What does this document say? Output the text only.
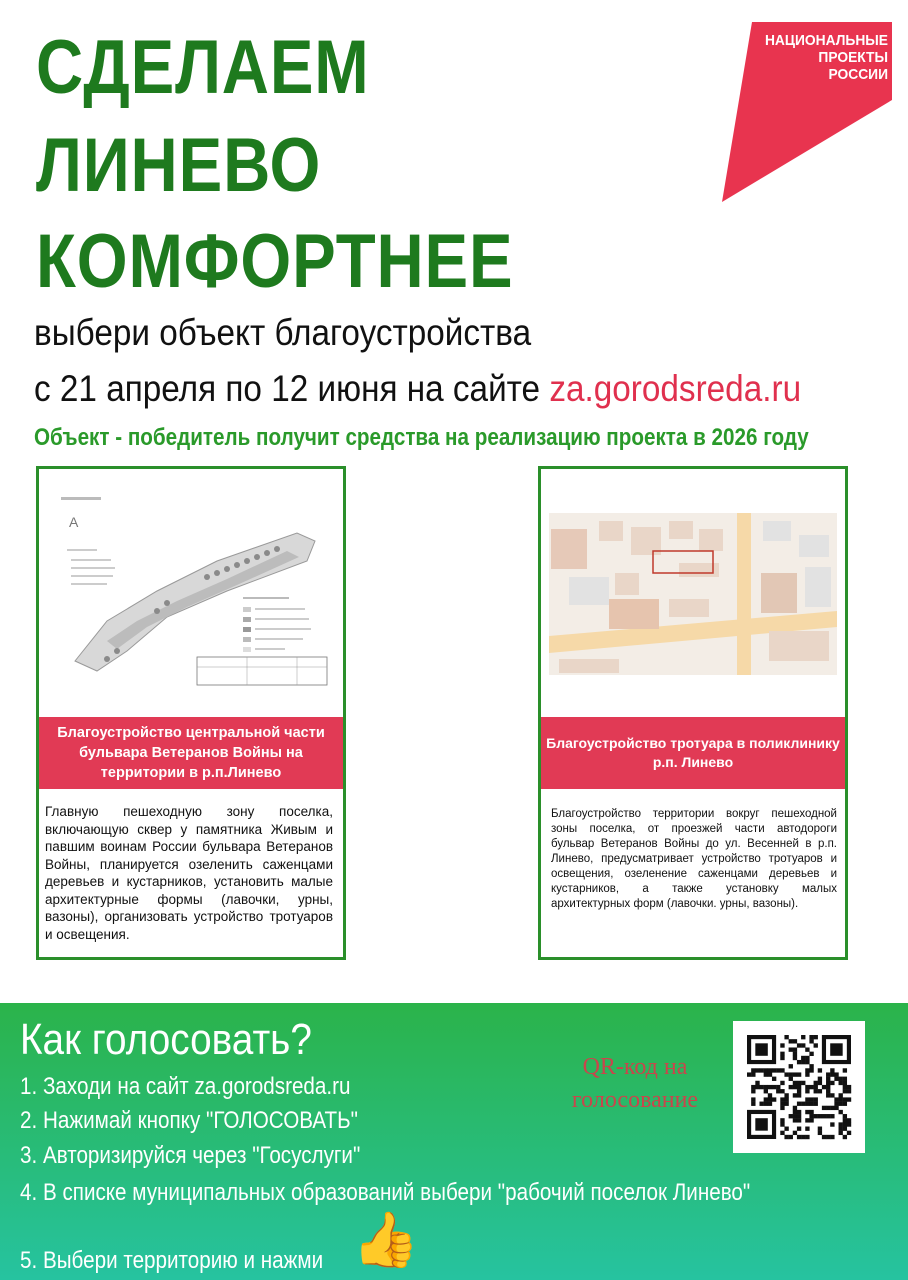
СДЕЛАЕМ
ЛИНЕВО
КОМФОРТНЕЕ
НАЦИОНАЛЬНЫЕ
ПРОЕКТЫ
РОССИИ
выбери объект благоустройства
с 21 апреля по 12 июня на сайте za.gorodsreda.ru
Объект - победитель получит средства на реализацию проекта в 2026 году
A
Благоустройство центральной части бульвара Ветеранов Войны на территории в р.п.Линево
Главную пешеходную зону поселка, включающую сквер у памятника Живым и павшим воинам России бульвара Ветеранов Войны, планируется озеленить саженцами деревьев и кустарников, установить малые архитектурные формы (лавочки, урны, вазоны), организовать устройство тротуаров и освещения.
Благоустройство тротуара в поликлинику р.п. Линево
Благоустройство территории вокруг пешеходной зоны поселка, от проезжей части автодороги бульвар Ветеранов Войны до ул. Весенней в р.п. Линево, предусматривает устройство тротуаров и освещения, озеленение саженцами деревьев и кустарников, а также установку малых архитектурных форм (лавочки. урны, вазоны).
Как голосовать?
1. Заходи на сайт za.gorodsreda.ru
2. Нажимай кнопку "ГОЛОСОВАТЬ"
3. Авторизируйся через "Госуслуги"
4. В списке муниципальных образований выбери "рабочий поселок Линево"
5. Выбери территорию и нажми 👍
QR-код на голосование
